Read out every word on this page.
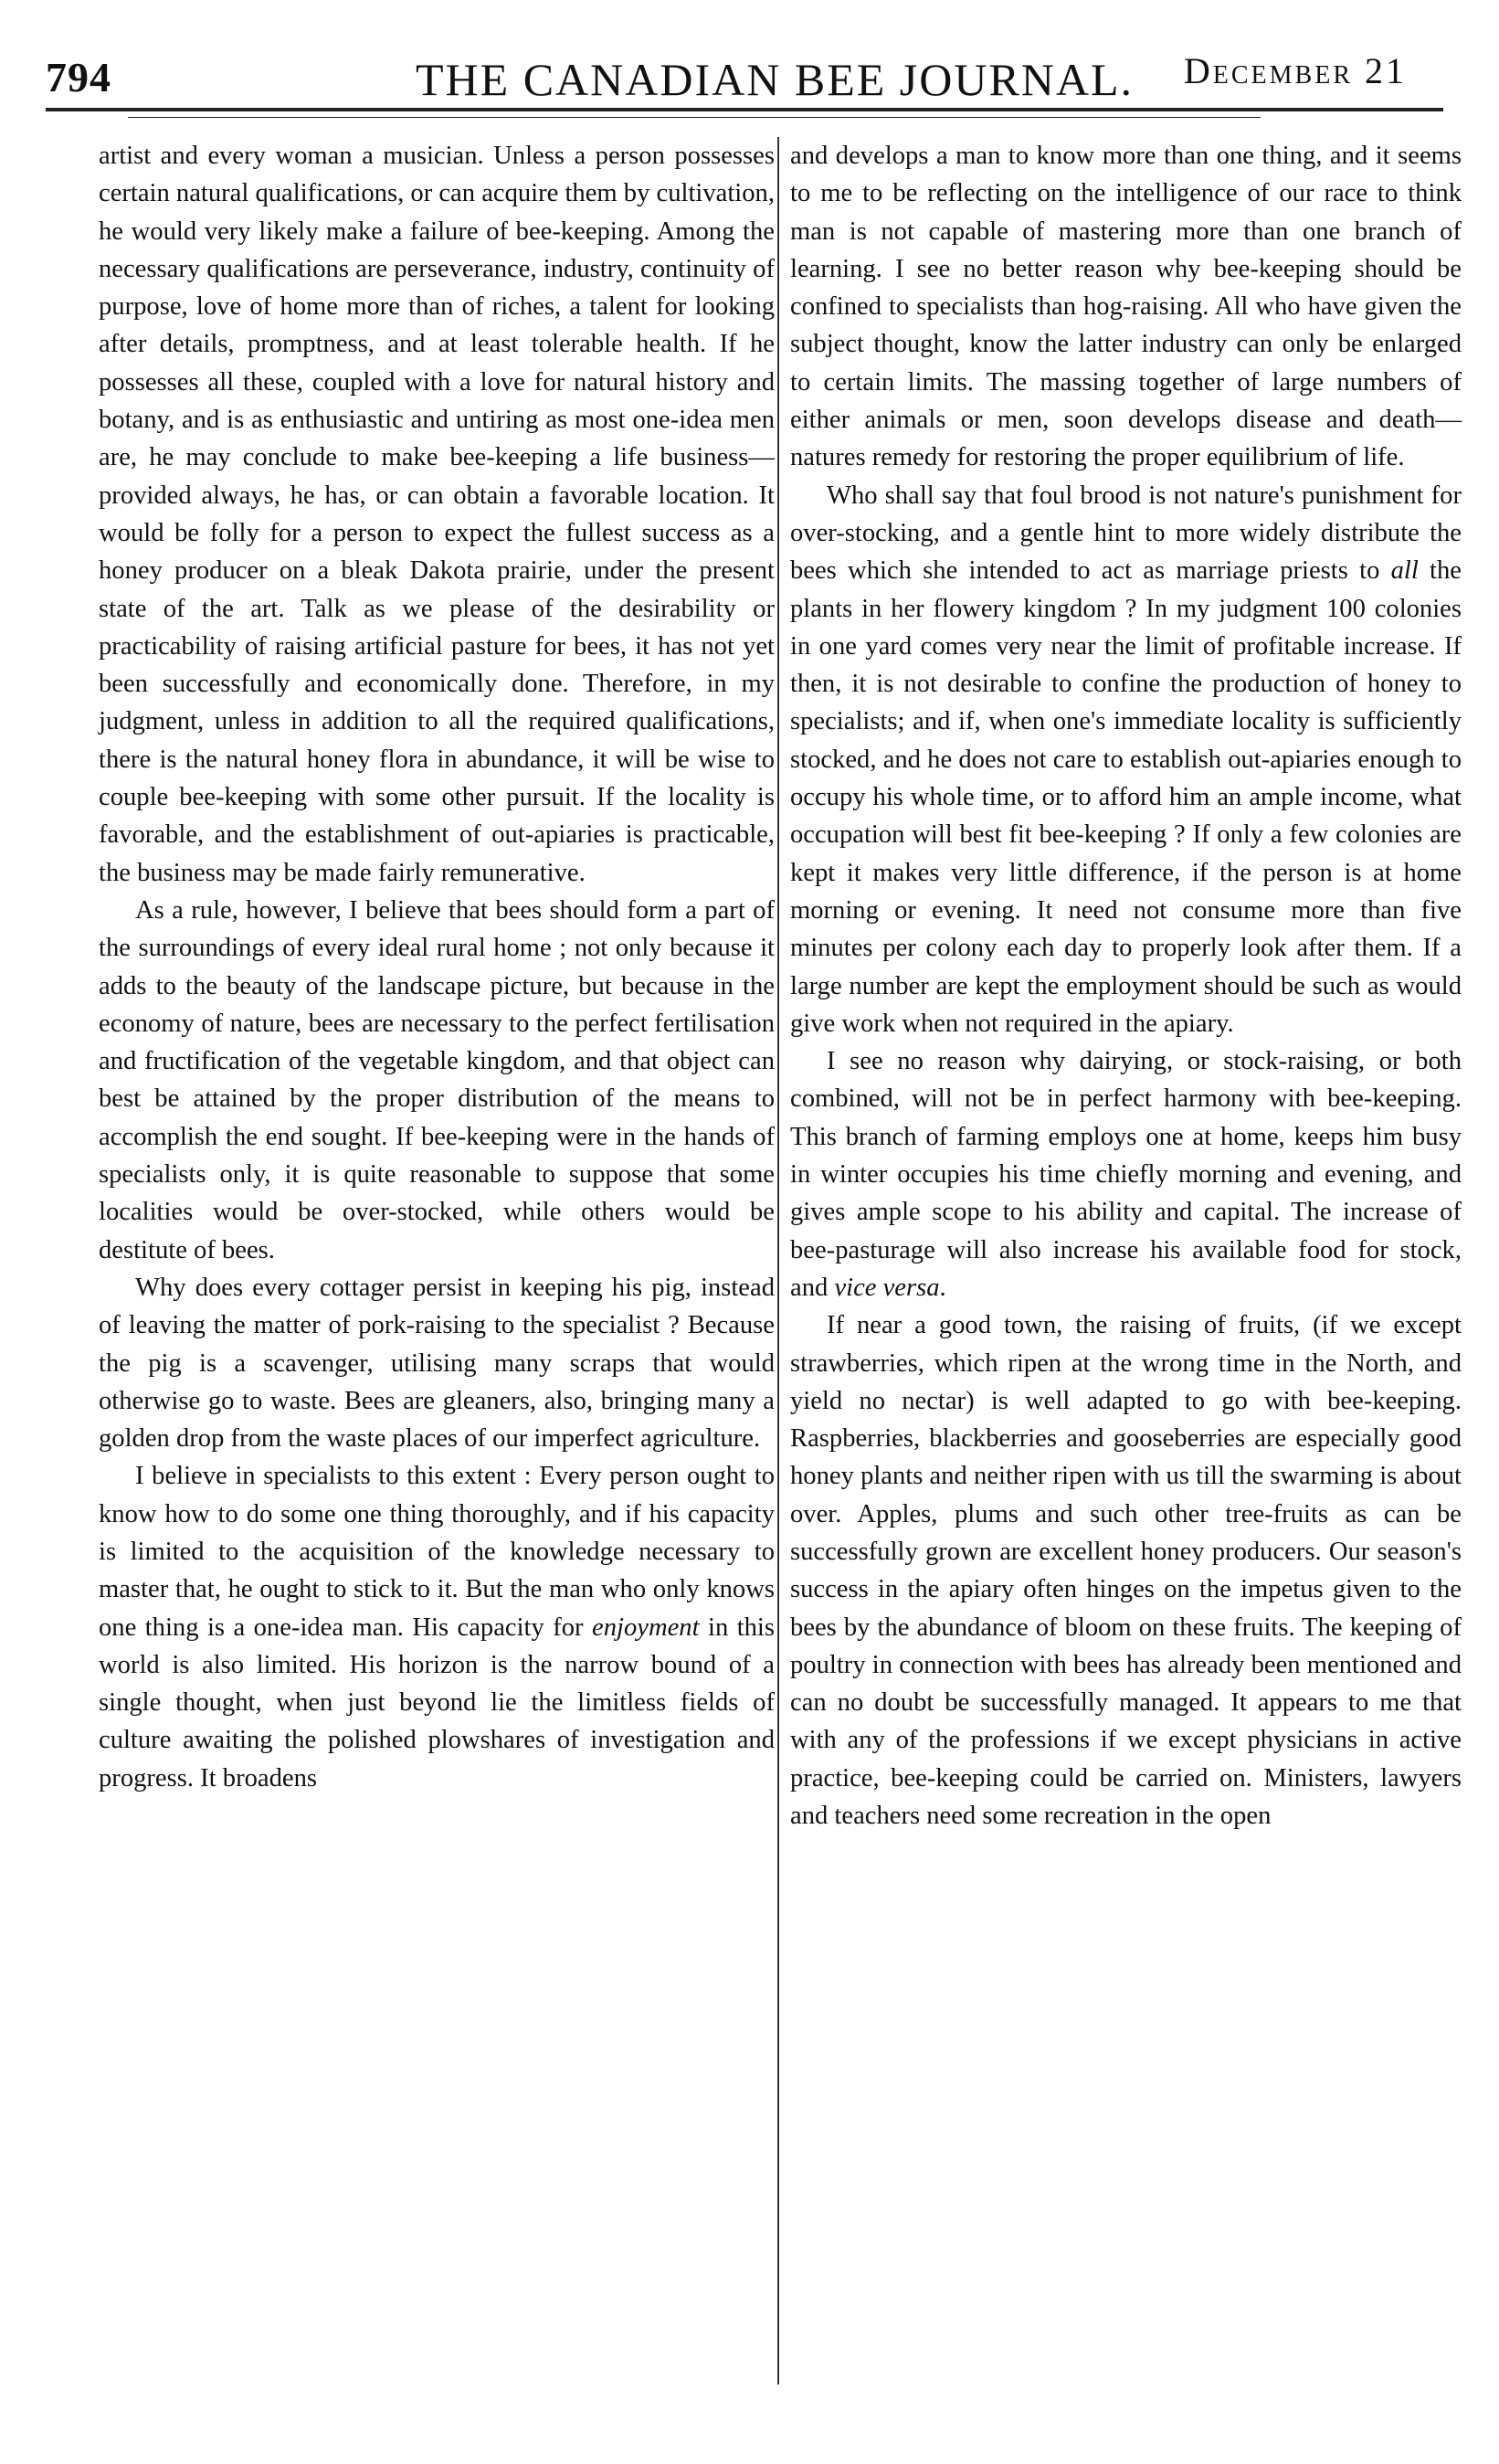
794	THE CANADIAN BEE JOURNAL. December 21

artist and every woman a musician. Unless a person possesses certain natural qualifications, or can acquire them by cultivation, he would very likely make a failure of bee-keeping. Among the necessary qualifications are perseverance, industry, continuity of purpose, love of home more than of riches, a talent for looking after details, promptness, and at least tolerable health. If he possesses all these, coupled with a love for natural history and botany, and is as enthusiastic and untiring as most one-idea men are, he may conclude to make bee-keeping a life business—provided always, he has, or can obtain a favorable location. It would be folly for a person to expect the fullest success as a honey producer on a bleak Dakota prairie, under the present state of the art. Talk as we please of the desirability or practicability of raising artificial pasture for bees, it has not yet been successfully and economically done. Therefore, in my judgment, unless in addition to all the required qualifications, there is the natural honey flora in abundance, it will be wise to couple bee-keeping with some other pursuit. If the locality is favorable, and the establishment of out-apiaries is practicable, the business may be made fairly remunerative.

As a rule, however, I believe that bees should form a part of the surroundings of every ideal rural home ; not only because it adds to the beauty of the landscape picture, but because in the economy of nature, bees are necessary to the perfect fertilisation and fructification of the vegetable kingdom, and that object can best be attained by the proper distribution of the means to accomplish the end sought. If bee-keeping were in the hands of specialists only, it is quite reasonable to suppose that some localities would be over-stocked, while others would be destitute of bees.

Why does every cottager persist in keeping his pig, instead of leaving the matter of pork-raising to the specialist ? Because the pig is a scavenger, utilising many scraps that would otherwise go to waste. Bees are gleaners, also, bringing many a golden drop from the waste places of our imperfect agriculture.

I believe in specialists to this extent : Every person ought to know how to do some one thing thoroughly, and if his capacity is limited to the acquisition of the knowledge necessary to master that, he ought to stick to it. But the man who only knows one thing is a one-idea man. His capacity for enjoyment in this world is also limited. His horizon is the narrow bound of a single thought, when just beyond lie the limitless fields of culture awaiting the polished plowshares of investigation and progress. It broadens

and develops a man to know more than one thing, and it seems to me to be reflecting on the intelligence of our race to think man is not capable of mastering more than one branch of learning. I see no better reason why bee-keeping should be confined to specialists than hog-raising. All who have given the subject thought, know the latter industry can only be enlarged to certain limits. The massing together of large numbers of either animals or men, soon develops disease and death—natures remedy for restoring the proper equilibrium of life.

Who shall say that foul brood is not nature's punishment for over-stocking, and a gentle hint to more widely distribute the bees which she intended to act as marriage priests to all the plants in her flowery kingdom ? In my judgment 100 colonies in one yard comes very near the limit of profitable increase. If then, it is not desirable to confine the production of honey to specialists; and if, when one's immediate locality is sufficiently stocked, and he does not care to establish out-apiaries enough to occupy his whole time, or to afford him an ample income, what occupation will best fit bee-keeping ? If only a few colonies are kept it makes very little difference, if the person is at home morning or evening. It need not consume more than five minutes per colony each day to properly look after them. If a large number are kept the employment should be such as would give work when not required in the apiary.

I see no reason why dairying, or stock-raising, or both combined, will not be in perfect harmony with bee-keeping. This branch of farming employs one at home, keeps him busy in winter occupies his time chiefly morning and evening, and gives ample scope to his ability and capital. The increase of bee-pasturage will also increase his available food for stock, and vice versa.

If near a good town, the raising of fruits, (if we except strawberries, which ripen at the wrong time in the North, and yield no nectar) is well adapted to go with bee-keeping. Raspberries, blackberries and gooseberries are especially good honey plants and neither ripen with us till the swarming is about over. Apples, plums and such other tree-fruits as can be successfully grown are excellent honey producers. Our season's success in the apiary often hinges on the impetus given to the bees by the abundance of bloom on these fruits. The keeping of poultry in connection with bees has already been mentioned and can no doubt be successfully managed. It appears to me that with any of the professions if we except physicians in active practice, bee-keeping could be carried on. Ministers, lawyers and teachers need some recreation in the open
